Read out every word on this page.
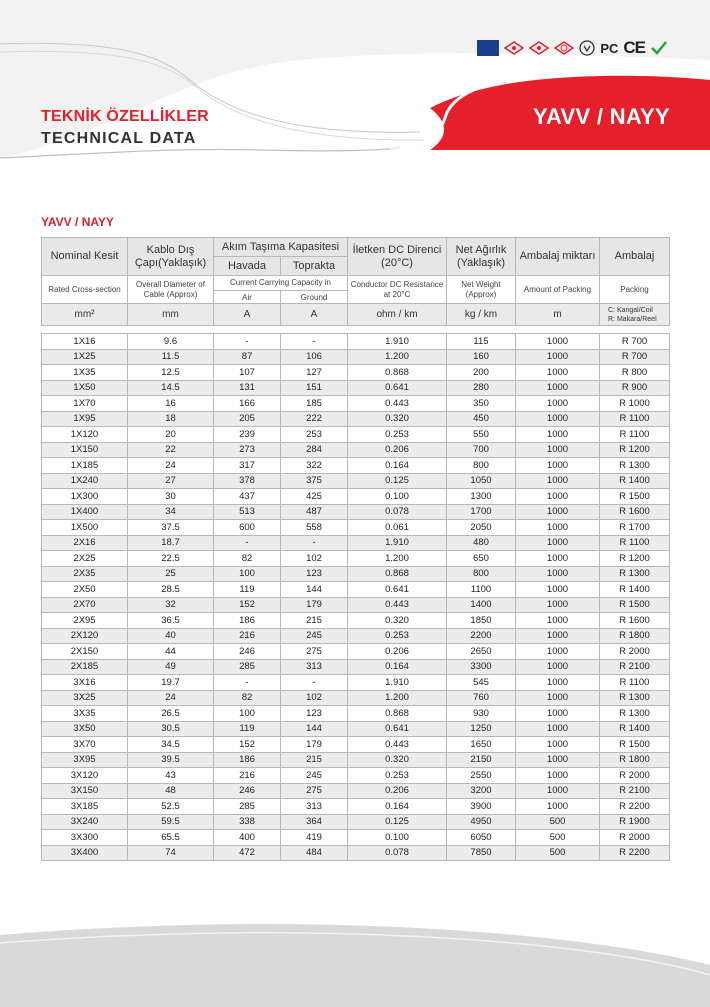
PC CE
TEKNİK ÖZELLİKLER
TECHNICAL DATA
YAVV / NAYY
YAVV / NAYY
Nominal Kesit	Kablo Dış Çapı(Yaklaşık)	Akım Taşıma Kapasitesi		İletken DC Direnci (20°C)	Net Ağırlık (Yaklaşık)	Ambalaj miktarı	Ambalaj
		Havada	Toprakta				
Rated Cross-section	Overall Diameter of Cable (Approx)	Current Carrying Capacity in		Conductor DC Resistance at 20°C	Net Weight (Approx)	Amount of Packing	Packing
		Air	Ground				
mm²	mm	A	A	ohm / km	kg / km	m	C: Kangal/Coil
R: Makara/Reel

1X16	9.6	-	-	1.910	115	1000	R 700
1X25	11.5	87	106	1.200	160	1000	R 700
1X35	12.5	107	127	0.868	200	1000	R 800
1X50	14.5	131	151	0.641	280	1000	R 900
1X70	16	166	185	0.443	350	1000	R 1000
1X95	18	205	222	0.320	450	1000	R 1100
1X120	20	239	253	0.253	550	1000	R 1100
1X150	22	273	284	0.206	700	1000	R 1200
1X185	24	317	322	0.164	800	1000	R 1300
1X240	27	378	375	0.125	1050	1000	R 1400
1X300	30	437	425	0.100	1300	1000	R 1500
1X400	34	513	487	0.078	1700	1000	R 1600
1X500	37.5	600	558	0.061	2050	1000	R 1700
2X16	18.7	-	-	1.910	480	1000	R 1100
2X25	22.5	82	102	1.200	650	1000	R 1200
2X35	25	100	123	0.868	800	1000	R 1300
2X50	28.5	119	144	0.641	1100	1000	R 1400
2X70	32	152	179	0.443	1400	1000	R 1500
2X95	36.5	186	215	0.320	1850	1000	R 1600
2X120	40	216	245	0.253	2200	1000	R 1800
2X150	44	246	275	0.206	2650	1000	R 2000
2X185	49	285	313	0.164	3300	1000	R 2100
3X16	19.7	-	-	1.910	545	1000	R 1100
3X25	24	82	102	1.200	760	1000	R 1300
3X35	26.5	100	123	0.868	930	1000	R 1300
3X50	30.5	119	144	0.641	1250	1000	R 1400
3X70	34.5	152	179	0.443	1650	1000	R 1500
3X95	39.5	186	215	0.320	2150	1000	R 1800
3X120	43	216	245	0.253	2550	1000	R 2000
3X150	48	246	275	0.206	3200	1000	R 2100
3X185	52.5	285	313	0.164	3900	1000	R 2200
3X240	59.5	338	364	0.125	4950	500	R 1900
3X300	65.5	400	419	0.100	6050	500	R 2000
3X400	74	472	484	0.078	7850	500	R 2200
